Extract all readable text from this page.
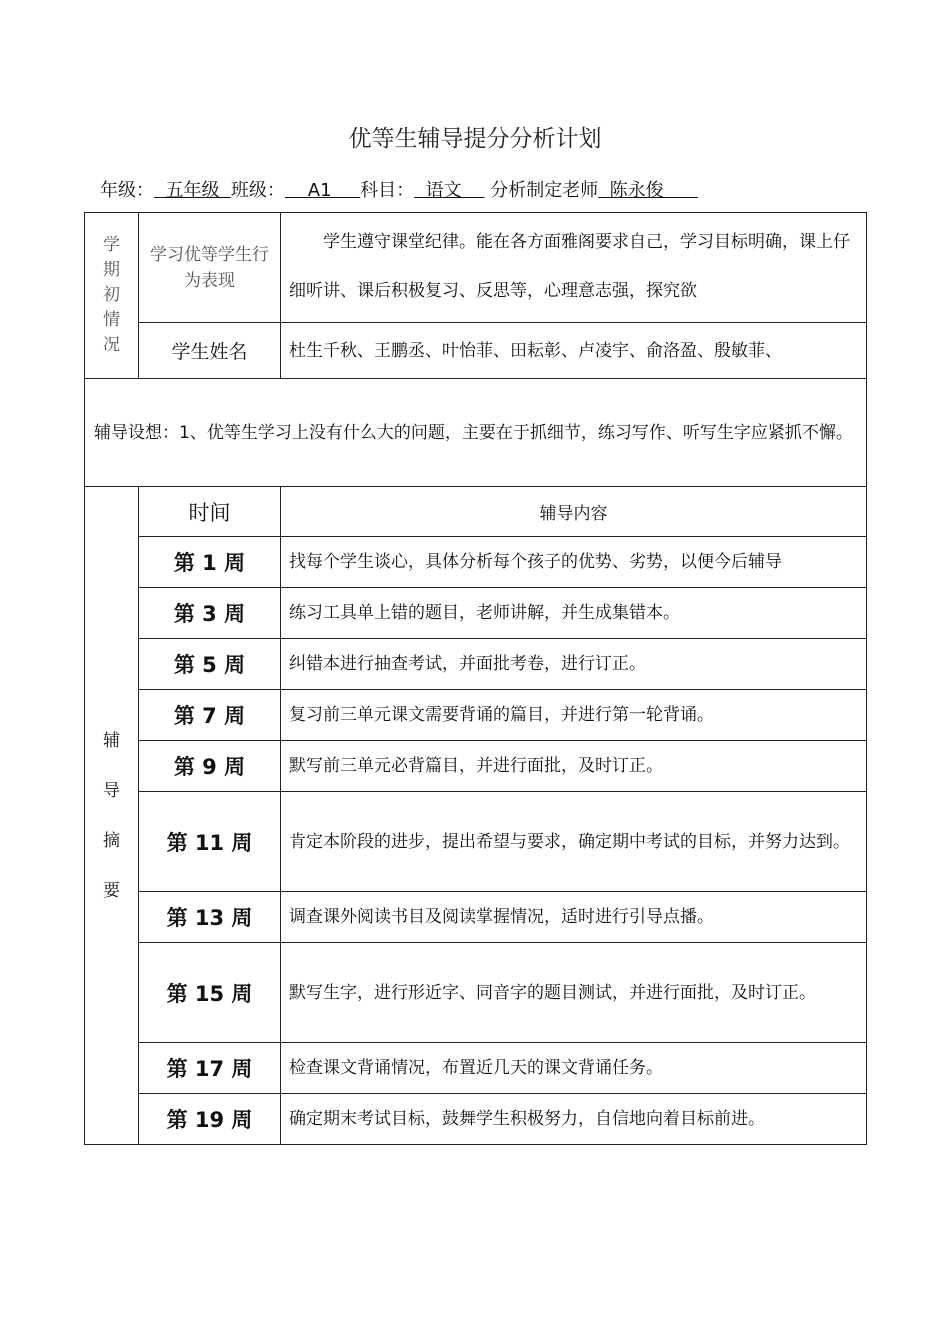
优等生辅导提分分析计划
年级：  五年级  班级：    A1     科目：  语文     分析制定老师  陈永俊
学期初情况	学习优等学生行为表现	学生遵守课堂纪律。能在各方面雅阁要求自己，学习目标明确，课上仔细听讲、课后积极复习、反思等，心理意志强，探究欲

	学生姓名	杜生千秋、王鹏丞、叶怡菲、田耘彰、卢凌宇、俞洛盈、殷敏菲、

辅导设想：1、优等生学习上没有什么大的问题，主要在于抓细节，练习写作、听写生字应紧抓不懈。		

辅导摘要	时间	辅导内容
	第 1 周	找每个学生谈心，具体分析每个孩子的优势、劣势，以便今后辅导

	第 3 周	练习工具单上错的题目，老师讲解，并生成集错本。

	第 5 周	纠错本进行抽查考试，并面批考卷，进行订正。

	第 7 周	复习前三单元课文需要背诵的篇目，并进行第一轮背诵。

	第 9 周	默写前三单元必背篇目，并进行面批，及时订正。

	第 11 周	肯定本阶段的进步，提出希望与要求，确定期中考试的目标，并努力达到。

	第 13 周	调查课外阅读书目及阅读掌握情况，适时进行引导点播。

	第 15 周	默写生字，进行形近字、同音字的题目测试，并进行面批，及时订正。

	第 17 周	检查课文背诵情况，布置近几天的课文背诵任务。

	第 19 周	确定期末考试目标，鼓舞学生积极努力，自信地向着目标前进。
